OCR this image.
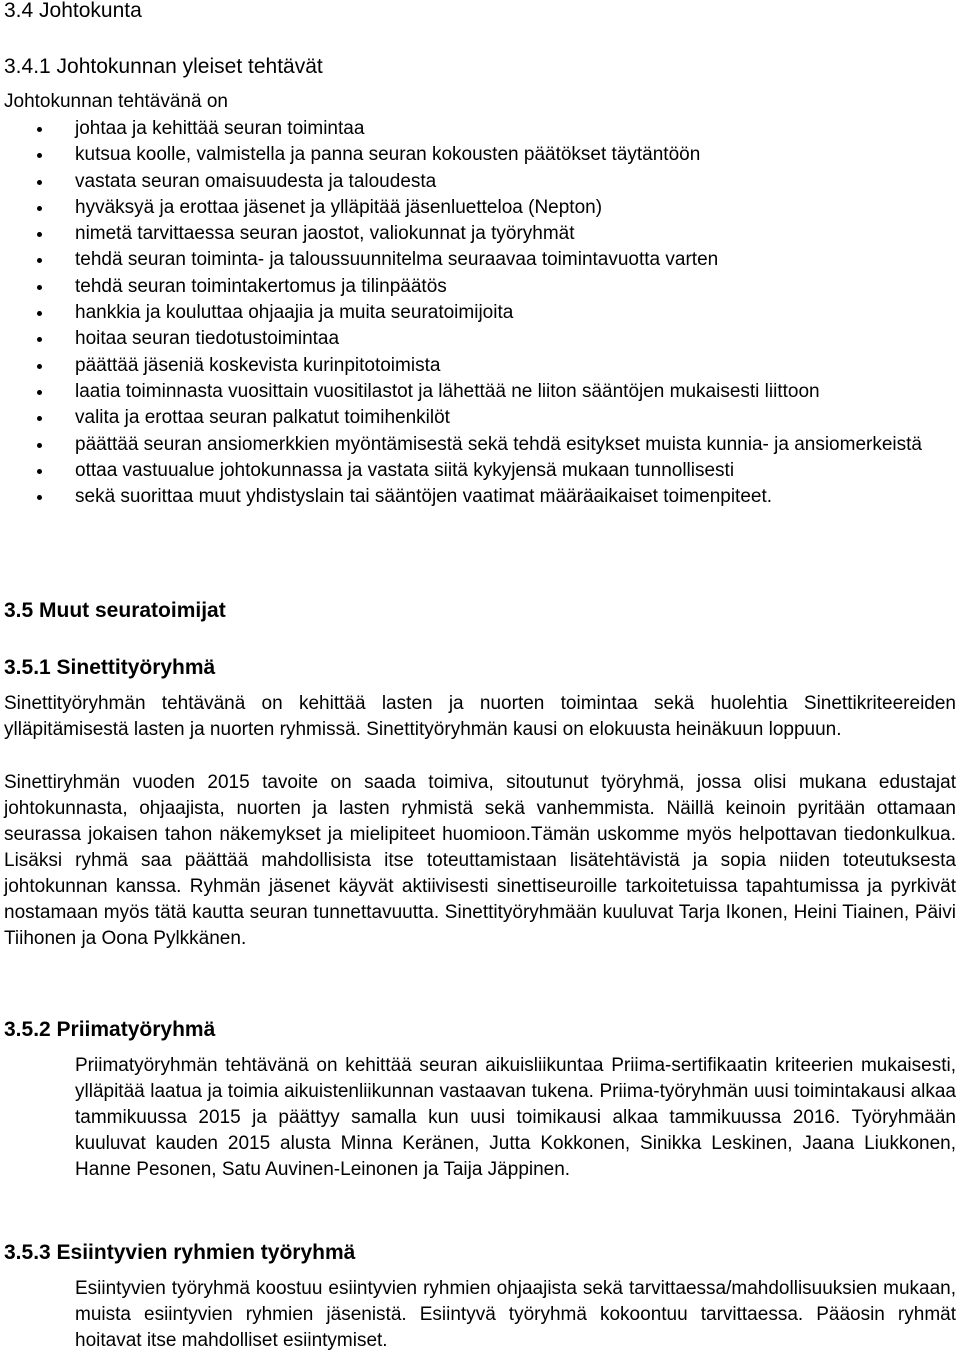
3.4 Johtokunta
3.4.1 Johtokunnan yleiset tehtävät

Johtokunnan tehtävänä on

johtaa ja kehittää seuran toimintaa
kutsua koolle, valmistella ja panna seuran kokousten päätökset täytäntöön
vastata seuran omaisuudesta ja taloudesta
hyväksyä ja erottaa jäsenet ja ylläpitää jäsenluetteloa (Nepton)
nimetä tarvittaessa seuran jaostot, valiokunnat ja työryhmät
tehdä seuran toiminta- ja taloussuunnitelma seuraavaa toimintavuotta varten
tehdä seuran toimintakertomus ja tilinpäätös
hankkia ja kouluttaa ohjaajia ja muita seuratoimijoita
hoitaa seuran tiedotustoimintaa
päättää jäseniä koskevista kurinpitotoimista
laatia toiminnasta vuosittain vuositilastot ja lähettää ne liiton sääntöjen mukaisesti liittoon
valita ja erottaa seuran palkatut toimihenkilöt
päättää seuran ansiomerkkien myöntämisestä sekä tehdä esitykset muista kunnia- ja ansiomerkeistä
ottaa vastuualue johtokunnassa ja vastata siitä kykyjensä mukaan tunnollisesti
sekä suorittaa muut yhdistyslain tai sääntöjen vaatimat määräaikaiset toimenpiteet.
3.5 Muut seuratoimijat
3.5.1 Sinettityöryhmä

Sinettityöryhmän tehtävänä on kehittää lasten ja nuorten toimintaa sekä huolehtia Sinettikriteereiden ylläpitämisestä lasten ja nuorten ryhmissä. Sinettityöryhmän kausi on elokuusta heinäkuun loppuun.

Sinettiryhmän vuoden 2015 tavoite on saada toimiva, sitoutunut työryhmä, jossa olisi mukana edustajat johtokunnasta, ohjaajista, nuorten ja lasten ryhmistä sekä vanhemmista. Näillä keinoin pyritään ottamaan seurassa jokaisen tahon näkemykset ja mielipiteet huomioon.Tämän uskomme myös helpottavan tiedonkulkua. Lisäksi ryhmä saa päättää mahdollisista itse toteuttamistaan lisätehtävistä ja sopia niiden toteutuksesta johtokunnan kanssa. Ryhmän jäsenet käyvät aktiivisesti sinettiseuroille tarkoitetuissa tapahtumissa ja pyrkivät nostamaan myös tätä kautta seuran tunnettavuutta. Sinettityöryhmään kuuluvat Tarja Ikonen, Heini Tiainen, Päivi Tiihonen ja Oona Pylkkänen.

3.5.2 Priimatyöryhmä

Priimatyöryhmän tehtävänä on kehittää seuran aikuisliikuntaa Priima-sertifikaatin kriteerien mukaisesti, ylläpitää laatua ja toimia aikuistenliikunnan vastaavan tukena. Priima-työryhmän uusi toimintakausi alkaa tammikuussa 2015 ja päättyy samalla kun uusi toimikausi alkaa tammikuussa 2016. Työryhmään kuuluvat kauden 2015 alusta Minna Keränen, Jutta Kokkonen, Sinikka Leskinen, Jaana Liukkonen, Hanne Pesonen, Satu Auvinen-Leinonen ja Taija Jäppinen.

3.5.3 Esiintyvien ryhmien työryhmä

Esiintyvien työryhmä koostuu esiintyvien ryhmien ohjaajista sekä tarvittaessa/mahdollisuuksien mukaan, muista esiintyvien ryhmien jäsenistä. Esiintyvä työryhmä kokoontuu tarvittaessa. Pääosin ryhmät hoitavat itse mahdolliset esiintymiset.
